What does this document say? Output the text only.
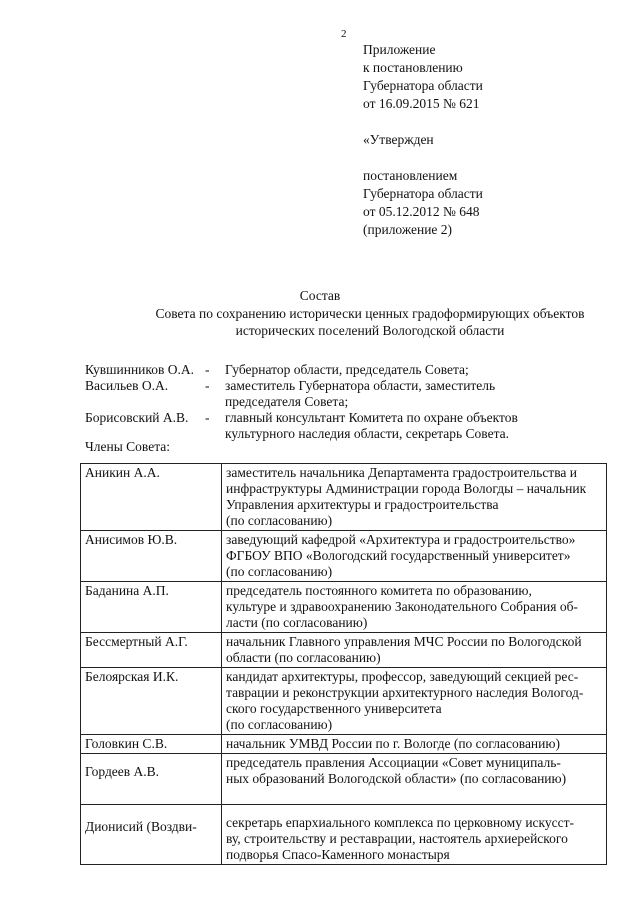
2
Приложение
к постановлению
Губернатора области
от 16.09.2015 № 621
«Утвержден
постановлением
Губернатора области
от 05.12.2012 № 648
(приложение 2)
Состав
Совета по сохранению исторически ценных градоформирующих объектов
исторических поселений Вологодской области
Кувшинников О.А. -	Губернатор области, председатель Совета;
Васильев О.А.	-	заместитель Губернатора области, заместитель
председателя Совета;
Борисовский А.В.	-	главный консультант Комитета по охране объектов
культурного наследия области, секретарь Совета.
Члены Совета:
Аникин А.А.	заместитель начальника Департамента градостроительства и
инфраструктуры Администрации города Вологды – начальник
Управления архитектуры и градостроительства
(по согласованию)

Анисимов Ю.В.	заведующий кафедрой «Архитектура и градостроительство»
ФГБОУ ВПО «Вологодский государственный университет»
(по согласованию)

Баданина А.П.	председатель постоянного комитета по образованию,
культуре и здравоохранению Законодательного Собрания об-
ласти (по согласованию)

Бессмертный А.Г.	начальник Главного управления МЧС России по Вологодской
области (по согласованию)

Белоярская И.К.	кандидат архитектуры, профессор, заведующий секцией рес-
таврации и реконструкции архитектурного наследия Вологод-
ского государственного университета
(по согласованию)

Головкин С.В.	начальник УМВД России по г. Вологде (по согласованию)

Гордеев А.В.	председатель правления Ассоциации «Совет муниципаль-
ных образований Вологодской области» (по согласованию)

Дионисий (Воздви-	секретарь епархиального комплекса по церковному искусст-
ву, строительству и реставрации, настоятель архиерейского
подворья Спасо-Каменного монастыря
